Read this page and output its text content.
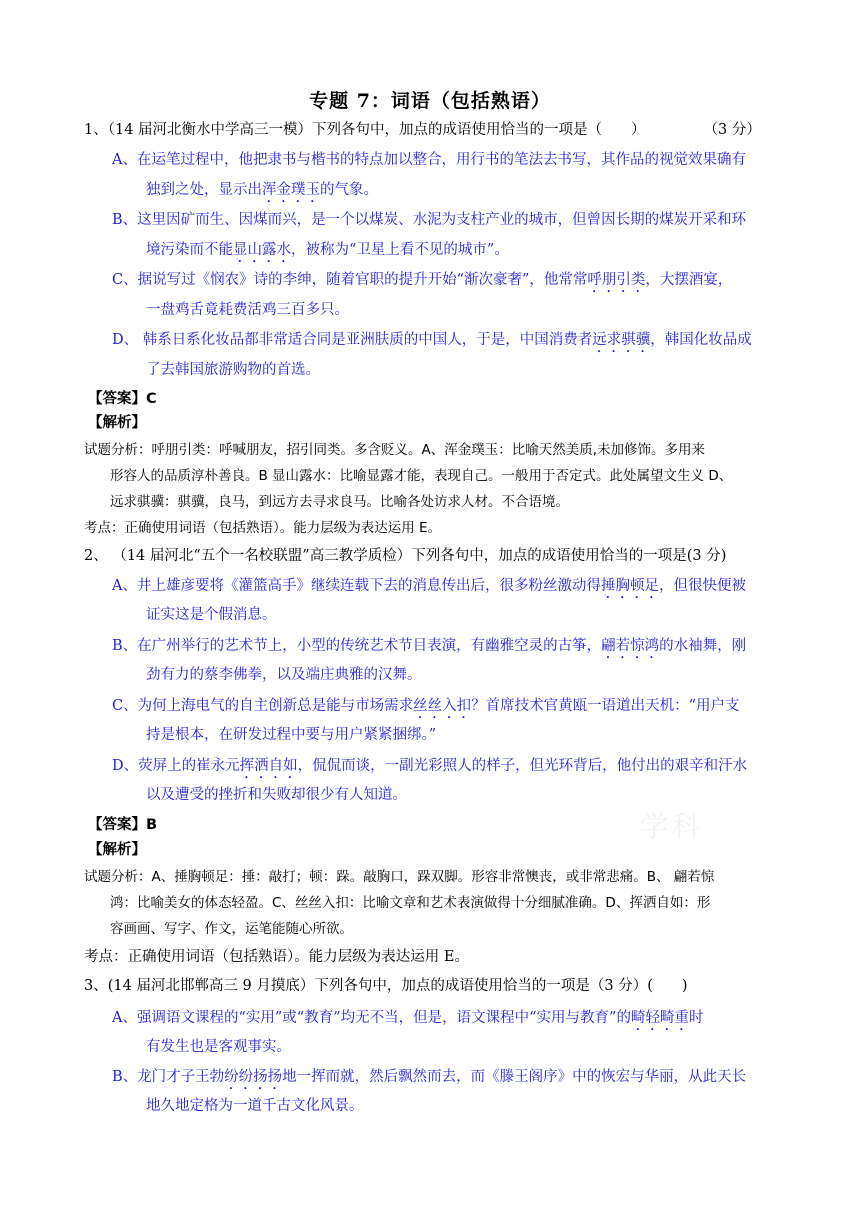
专题 7：词语（包括熟语）
1、（14 届河北衡水中学高三一模）下列各句中，加点的成语使用恰当的一项是（　　）　　　　　（3 分）
A、在运笔过程中，他把隶书与楷书的特点加以整合，用行书的笔法去书写，其作品的视觉效果确有
独到之处，显示出浑金璞玉的气象。
B、这里因矿而生、因煤而兴，是一个以煤炭、水泥为支柱产业的城市，但曾因长期的煤炭开采和环
境污染而不能显山露水，被称为“卫星上看不见的城市”。
C、据说写过《悯农》诗的李绅，随着官职的提升开始“渐次豪奢”，他常常呼朋引类，大摆酒宴，
一盘鸡舌竟耗费活鸡三百多只。
D、 韩系日系化妆品都非常适合同是亚洲肤质的中国人，于是，中国消费者远求骐骥，韩国化妆品成
了去韩国旅游购物的首选。
【答案】C
【解析】
试题分析：呼朋引类：呼喊朋友，招引同类。多含贬义。A、浑金璞玉：比喻天然美质,未加修饰。多用来
形容人的品质淳朴善良。B 显山露水：比喻显露才能，表现自己。一般用于否定式。此处属望文生义 D、
远求骐骥：骐骥，良马，到远方去寻求良马。比喻各处访求人材。不合语境。
考点：正确使用词语（包括熟语）。能力层级为表达运用 E。
2、 （14 届河北“五个一名校联盟”高三教学质检）下列各句中，加点的成语使用恰当的一项是(3 分)
A、井上雄彦要将《灌篮高手》继续连载下去的消息传出后，很多粉丝激动得捶胸顿足，但很快便被
证实这是个假消息。
B、在广州举行的艺术节上，小型的传统艺术节目表演，有幽雅空灵的古筝，翩若惊鸿的水袖舞，刚
劲有力的蔡李佛拳，以及端庄典雅的汉舞。
C、为何上海电气的自主创新总是能与市场需求丝丝入扣？首席技术官黄瓯一语道出天机：“用户支
持是根本，在研发过程中要与用户紧紧捆绑。”
D、荧屏上的崔永元挥洒自如，侃侃而谈，一副光彩照人的样子，但光环背后，他付出的艰辛和汗水
以及遭受的挫折和失败却很少有人知道。
学科
【答案】B
【解析】
试题分析：A、捶胸顿足：捶：敲打；顿：跺。敲胸口，跺双脚。形容非常懊丧，或非常悲痛。B、 翩若惊
鸿：比喻美女的体态轻盈。C、丝丝入扣：比喻文章和艺术表演做得十分细腻准确。D、挥洒自如：形
容画画、写字、作文，运笔能随心所欲。
考点：正确使用词语（包括熟语）。能力层级为表达运用 E。
3、(14 届河北邯郸高三 9 月摸底）下列各句中，加点的成语使用恰当的一项是（3 分）(　　)
A、强调语文课程的“实用”或“教育”均无不当，但是，语文课程中“实用与教育”的畸轻畸重时
有发生也是客观事实。
B、龙门才子王勃纷纷扬扬地一挥而就，然后飘然而去，而《滕王阁序》中的恢宏与华丽，从此天长
地久地定格为一道千古文化风景。
